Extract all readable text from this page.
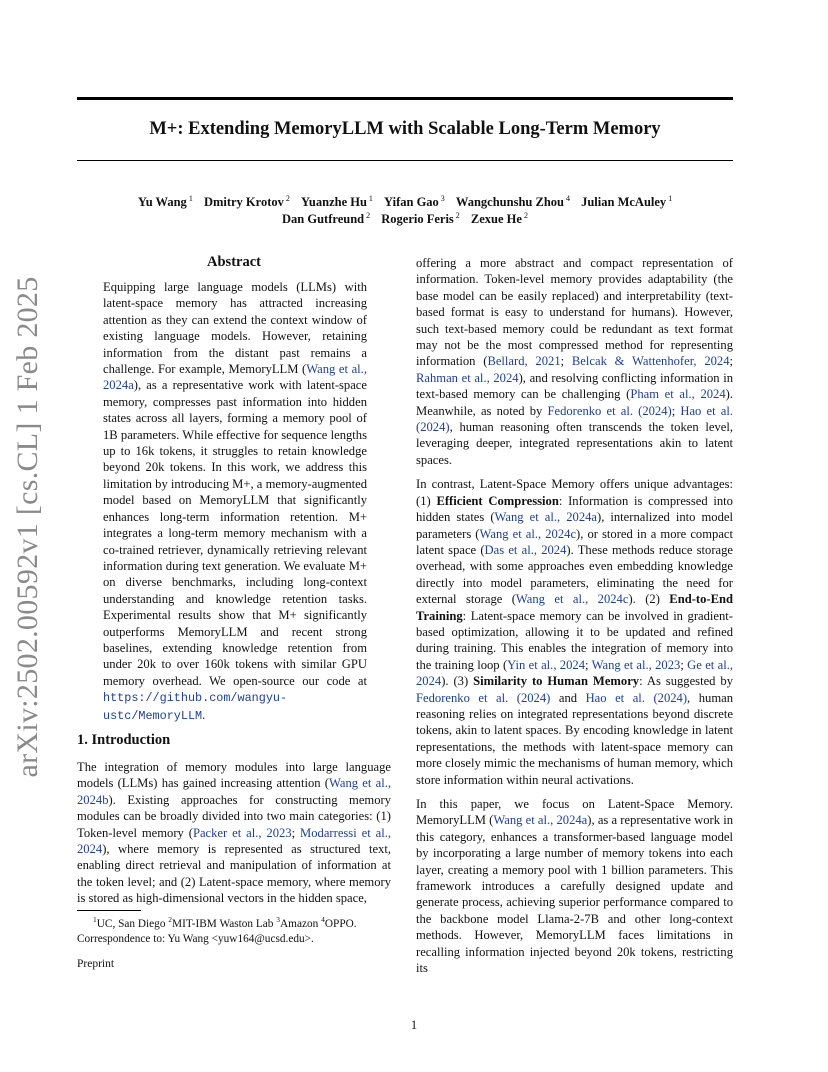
M+: Extending MemoryLLM with Scalable Long-Term Memory
Yu Wang $^1$ Dmitry Krotov $^2$ Yuanzhe Hu $^1$ Yifan Gao $^3$ Wangchunshu Zhou $^4$ Julian McAuley $^1$
Dan Gutfreund $^2$ Rogerio Feris $^2$ Zexue He $^2$
arXiv:2502.00592v1 [cs.CL] 1 Feb 2025
Abstract

Equipping large language models (LLMs) with latent-space memory has attracted increasing attention as they can extend the context window of existing language models. However, retaining information from the distant past remains a challenge. For example, MemoryLLM (Wang et al., 2024a), as a representative work with latent-space memory, compresses past information into hidden states across all layers, forming a memory pool of 1B parameters. While effective for sequence lengths up to 16k tokens, it struggles to retain knowledge beyond 20k tokens. In this work, we address this limitation by introducing M+, a memory-augmented model based on MemoryLLM that significantly enhances long-term information retention. M+ integrates a long-term memory mechanism with a co-trained retriever, dynamically retrieving relevant information during text generation. We evaluate M+ on diverse benchmarks, including long-context understanding and knowledge retention tasks. Experimental results show that M+ significantly outperforms MemoryLLM and recent strong baselines, extending knowledge retention from under 20k to over 160k tokens with similar GPU memory overhead. We open-source our code at https://github.com/wangyu-ustc/MemoryLLM.

1. Introduction

The integration of memory modules into large language models (LLMs) has gained increasing attention (Wang et al., 2024b). Existing approaches for constructing memory modules can be broadly divided into two main categories: (1) Token-level memory (Packer et al., 2023; Modarressi et al., 2024), where memory is represented as structured text, enabling direct retrieval and manipulation of information at the token level; and (2) Latent-space memory, where memory is stored as high-dimensional vectors in the hidden space,

$^1$UC, San Diego $^2$MIT-IBM Waston Lab $^3$Amazon $^4$OPPO.
Correspondence to: Yu Wang <yuw164@ucsd.edu>.
Preprint

offering a more abstract and compact representation of information. Token-level memory provides adaptability (the base model can be easily replaced) and interpretability (text-based format is easy to understand for humans). However, such text-based memory could be redundant as text format may not be the most compressed method for representing information (Bellard, 2021; Belcak & Wattenhofer, 2024; Rahman et al., 2024), and resolving conflicting information in text-based memory can be challenging (Pham et al., 2024). Meanwhile, as noted by Fedorenko et al. (2024); Hao et al. (2024), human reasoning often transcends the token level, leveraging deeper, integrated representations akin to latent spaces.

In contrast, Latent-Space Memory offers unique advantages: (1) Efficient Compression: Information is compressed into hidden states (Wang et al., 2024a), internalized into model parameters (Wang et al., 2024c), or stored in a more compact latent space (Das et al., 2024). These methods reduce storage overhead, with some approaches even embedding knowledge directly into model parameters, eliminating the need for external storage (Wang et al., 2024c). (2) End-to-End Training: Latent-space memory can be involved in gradient-based optimization, allowing it to be updated and refined during training. This enables the integration of memory into the training loop (Yin et al., 2024; Wang et al., 2023; Ge et al., 2024). (3) Similarity to Human Memory: As suggested by Fedorenko et al. (2024) and Hao et al. (2024), human reasoning relies on integrated representations beyond discrete tokens, akin to latent spaces. By encoding knowledge in latent representations, the methods with latent-space memory can more closely mimic the mechanisms of human memory, which store information within neural activations.

In this paper, we focus on Latent-Space Memory. MemoryLLM (Wang et al., 2024a), as a representative work in this category, enhances a transformer-based language model by incorporating a large number of memory tokens into each layer, creating a memory pool with 1 billion parameters. This framework introduces a carefully designed update and generate process, achieving superior performance compared to the backbone model Llama-2-7B and other long-context methods. However, MemoryLLM faces limitations in recalling information injected beyond 20k tokens, restricting its

1
